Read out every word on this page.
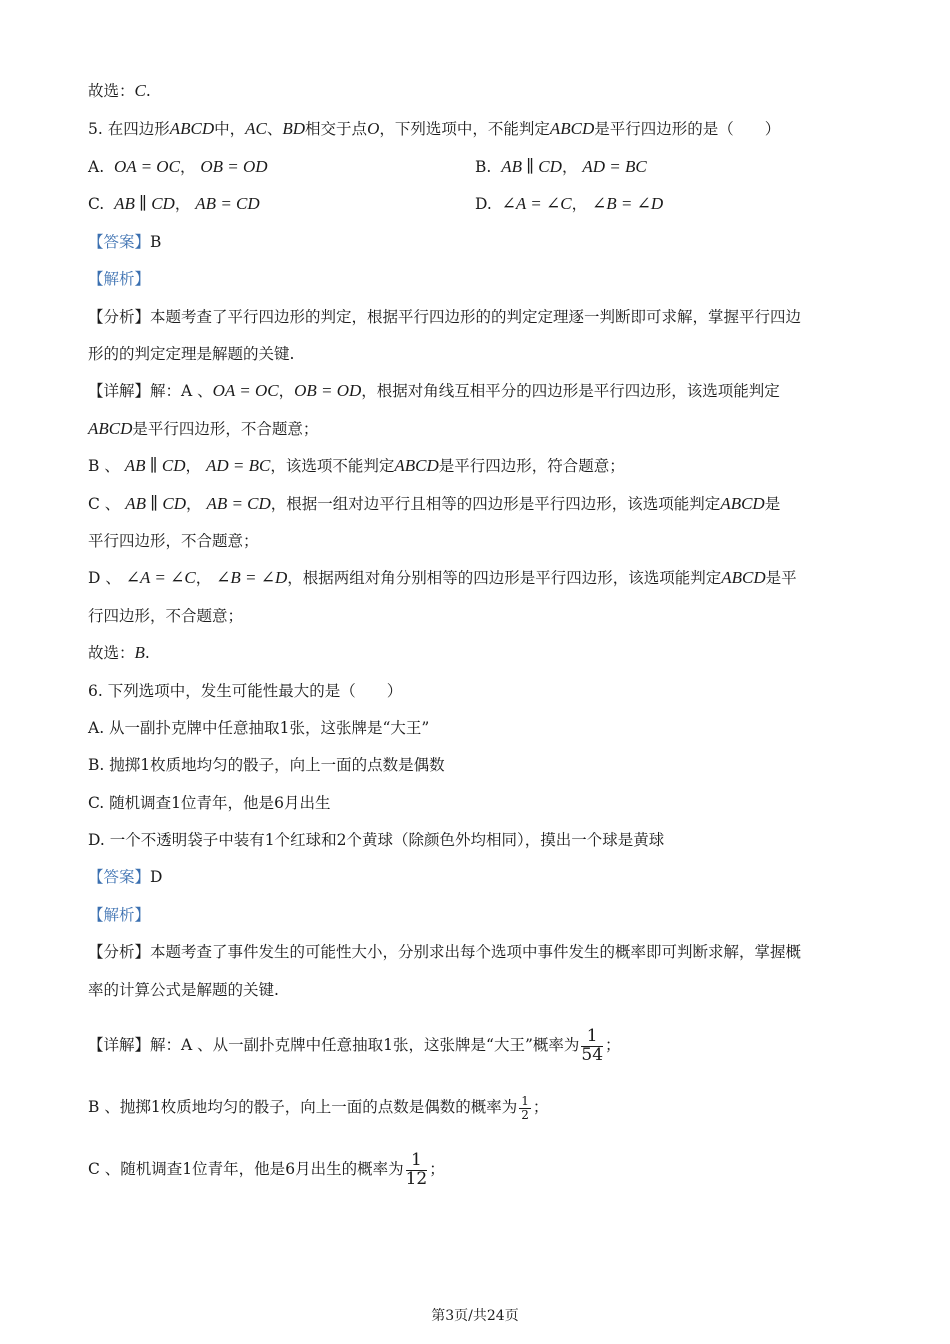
故选：C.
5. 在四边形ABCD中，AC、BD相交于点O，下列选项中，不能判定ABCD是平行四边形的是（　　）
A. OA = OC， OB = OD	B. AB ∥ CD， AD = BC
C. AB ∥ CD， AB = CD	D. ∠A = ∠C， ∠B = ∠D
【答案】B
【解析】
【分析】本题考查了平行四边形的判定，根据平行四边形的的判定定理逐一判断即可求解，掌握平行四边
形的的判定定理是解题的关键.
【详解】解：A 、OA = OC，OB = OD，根据对角线互相平分的四边形是平行四边形，该选项能判定
ABCD是平行四边形，不合题意；
B 、 AB ∥ CD， AD = BC，该选项不能判定ABCD是平行四边形，符合题意；
C 、 AB ∥ CD， AB = CD，根据一组对边平行且相等的四边形是平行四边形，该选项能判定ABCD是
平行四边形，不合题意；
D 、 ∠A = ∠C， ∠B = ∠D，根据两组对角分别相等的四边形是平行四边形，该选项能判定ABCD是平
行四边形，不合题意；
故选：B.
6. 下列选项中，发生可能性最大的是（　　）
A. 从一副扑克牌中任意抽取1张，这张牌是“大王”
B. 抛掷1枚质地均匀的骰子，向上一面的点数是偶数
C. 随机调查1位青年，他是6月出生
D. 一个不透明袋子中装有1个红球和2个黄球（除颜色外均相同），摸出一个球是黄球
【答案】D
【解析】
【分析】本题考查了事件发生的可能性大小，分别求出每个选项中事件发生的概率即可判断求解，掌握概
率的计算公式是解题的关键.
【详解】解：A 、从一副扑克牌中任意抽取1张，这张牌是“大王”概率为 $\frac{1}{54}$ ；
B 、抛掷1枚质地均匀的骰子，向上一面的点数是偶数的概率为 $\frac{1}{2}$ ；
C 、随机调查1位青年，他是6月出生的概率为 $\frac{1}{12}$ ；
第3页/共24页
